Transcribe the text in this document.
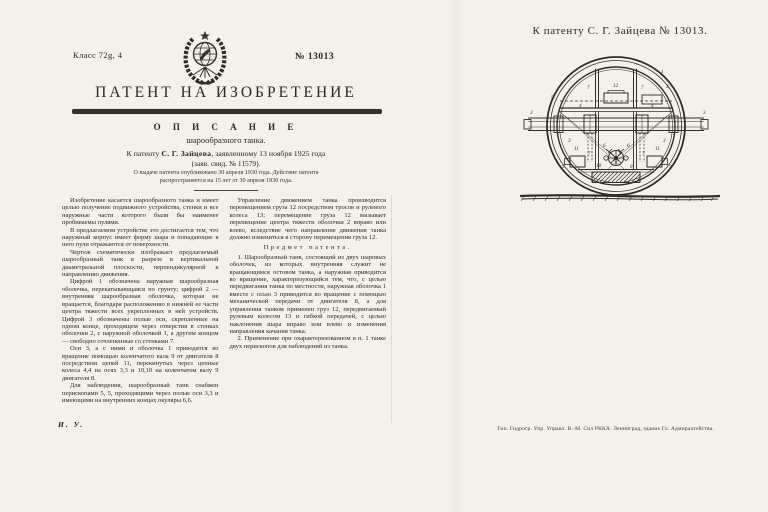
Класс 72g, 4	№ 13013
ПАТЕНТ НА ИЗОБРЕТЕНИЕ
О П И С А Н И Е
шарообразного танка.
К патенту С. Г. Зайцева, заявленному 13 ноября 1925 года
(заяв. свид. № 11579).
О выдаче патента опубликовано 30 апреля 1930 года. Действие патента
распространяется на 15 лет от 30 апреля 1930 года.

Изобретение касается шарообразного танка и имеет целью получение подвижного устройства, стенки и все наружные части которого были бы наименее пробиваемы пулями.

В предлагаемом устройстве это достигается тем, что наружный корпус имеет форму шара и попадающие в него пули отражаются от поверхности.

Чертеж схематически изображает предлагаемый шарообразный танк в разрезе в вертикальной диаметральной плоскости, перпендикулярной к направлению движения.

Цифрой 1 обозначена наружная шарообразная оболочка, перекатывающаяся по грунту; цифрой 2 — внутренняя шарообразная оболочка, которая не вращается, благодаря расположению в нижней ее части центра тяжести всех укрепленных в ней устройств. Цифрой 3 обозначены полые оси, скрепленные на одном конце, проходящем через отверстия в стенках оболочки 2, с наружной оболочкой 1, а другим концом — свободно сочлененные со стенками 7.

Оси 3, а с ними и оболочка 1 приводятся во вращение помощью коленчатого вала 9 от двигателя 8 посредством цепей 11, перекинутых через цепные колеса 4,4 на осях 3,3 и 10,10 на коленчатом валу 9 двигателя 8.

Для наблюдения, шарообразный танк снабжен перископами 5, 5, проходящими через полые оси 3,3 и имеющими на внутренних концах окуляры 6,6.

Управление движением танка производится перемещением груза 12 посредством тросов и рулевого колеса 13; перемещение груза 12 вызывает перемещение центра тяжести оболочки 2 вправо или влево, вследствие чего направление движения танка должно измениться в сторону перемещения груза 12.

Предмет патента.

1. Шарообразный танк, состоящий из двух шаровых оболочек, из которых внутренняя служит не вращающимся остовом танка, а наружная приводится во вращение, характеризующийся тем, что, с целью передвигания танка по местности, наружная оболочка 1 вместе с осью 3 приводится во вращение с помощью механической передачи от двигателя 8, а для управления танком применен груз 12, передвигаемый рулевым колесом 13 и гибкой передачей, с целью наклонения шара вправо или влево и изменения направления качания танка.

2. Применение при охарактеризованном в п. 1 танке двух перископов для наблюдений из танка.

И. У.
К патенту С. Г. Зайцева № 13013.
1
2
7	7
12
5
4	4
3	3
3	3
11	11
7	7
6	6
10	8
9	9
Тип. Гидрогр. Упр. Управл. В.-М. Сил РККА. Ленинград, здание Гл. Адмиралтейства.
